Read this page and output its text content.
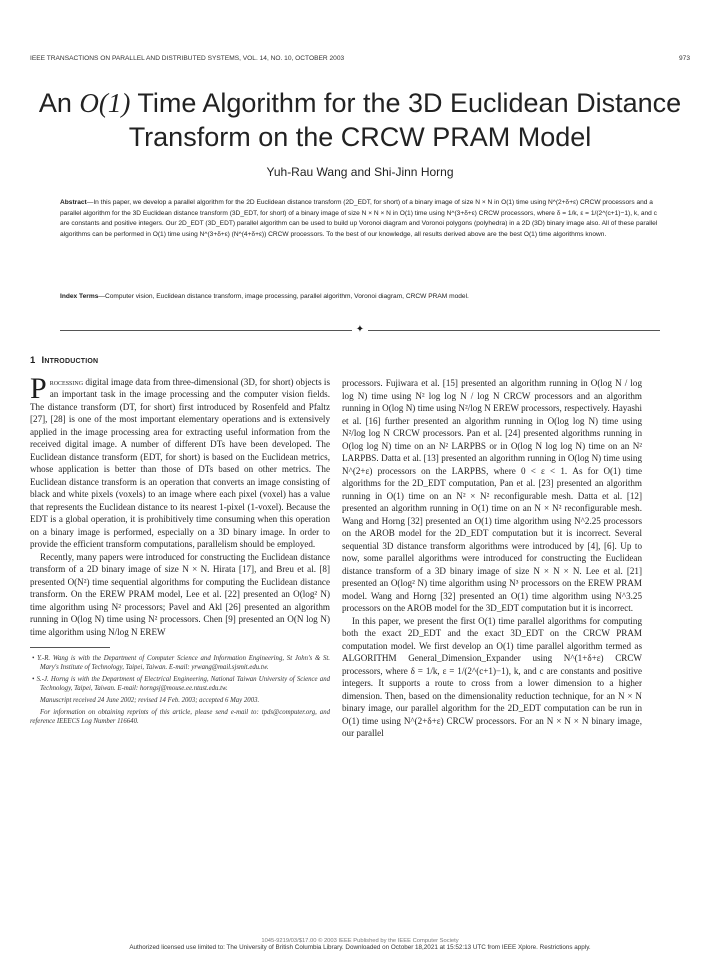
IEEE TRANSACTIONS ON PARALLEL AND DISTRIBUTED SYSTEMS, VOL. 14, NO. 10, OCTOBER 2003	973
An O(1) Time Algorithm for the 3D Euclidean Distance Transform on the CRCW PRAM Model
Yuh-Rau Wang and Shi-Jinn Horng
Abstract—In this paper, we develop a parallel algorithm for the 2D Euclidean distance transform (2D_EDT, for short) of a binary image of size N × N in O(1) time using N^(2+δ+ε) CRCW processors and a parallel algorithm for the 3D Euclidean distance transform (3D_EDT, for short) of a binary image of size N × N × N in O(1) time using N^(3+δ+ε) CRCW processors, where δ = 1/k, ε = 1/(2^(c+1)−1), k, and c are constants and positive integers. Our 2D_EDT (3D_EDT) parallel algorithm can be used to build up Voronoi diagram and Voronoi polygons (polyhedra) in a 2D (3D) binary image also. All of these parallel algorithms can be performed in O(1) time using N^(3+δ+ε) (N^(4+δ+ε)) CRCW processors. To the best of our knowledge, all results derived above are the best O(1) time algorithms known.
Index Terms—Computer vision, Euclidean distance transform, image processing, parallel algorithm, Voronoi diagram, CRCW PRAM model.
✦
1 Introduction

Processing digital image data from three-dimensional (3D, for short) objects is an important task in the image processing and the computer vision fields. The distance transform (DT, for short) first introduced by Rosenfeld and Pfaltz [27], [28] is one of the most important elementary operations and is extensively applied in the image processing area for extracting useful information from the received digital image. A number of different DTs have been developed. The Euclidean distance transform (EDT, for short) is based on the Euclidean metrics, whose application is better than those of DTs based on other metrics. The Euclidean distance transform is an operation that converts an image consisting of black and white pixels (voxels) to an image where each pixel (voxel) has a value that represents the Euclidean distance to its nearest 1-pixel (1-voxel). Because the EDT is a global operation, it is prohibitively time consuming when this operation on a binary image is performed, especially on a 3D binary image. In order to provide the efficient transform computations, parallelism should be employed.

Recently, many papers were introduced for constructing the Euclidean distance transform of a 2D binary image of size N × N. Hirata [17], and Breu et al. [8] presented O(N²) time sequential algorithms for computing the Euclidean distance transform. On the EREW PRAM model, Lee et al. [22] presented an O(log² N) time algorithm using N² processors; Pavel and Akl [26] presented an algorithm running in O(log N) time using N² processors. Chen [9] presented an O(N log N) time algorithm using N/log N EREW

• Y.-R. Wang is with the Department of Computer Science and Information Engineering, St John's & St. Mary's Institute of Technology, Taipei, Taiwan. E-mail: yrwang@mail.sjsmit.edu.tw.

• S.-J. Horng is with the Department of Electrical Engineering, National Taiwan University of Science and Technology, Taipei, Taiwan. E-mail: horngsj@mouse.ee.ntust.edu.tw.

Manuscript received 24 June 2002; revised 14 Feb. 2003; accepted 6 May 2003.

For information on obtaining reprints of this article, please send e-mail to: tpds@computer.org, and reference IEEECS Log Number 116640.

processors. Fujiwara et al. [15] presented an algorithm running in O(log N / log log N) time using N² log log N / log N CRCW processors and an algorithm running in O(log N) time using N²/log N EREW processors, respectively. Hayashi et al. [16] further presented an algorithm running in O(log log N) time using N²/log log N CRCW processors. Pan et al. [24] presented algorithms running in O(log log N) time on an N² LARPBS or in O(log N log log N) time on an N² LARPBS. Datta et al. [13] presented an algorithm running in O(log N) time using N^(2+ε) processors on the LARPBS, where 0 < ε < 1. As for O(1) time algorithms for the 2D_EDT computation, Pan et al. [23] presented an algorithm running in O(1) time on an N² × N² reconfigurable mesh. Datta et al. [12] presented an algorithm running in O(1) time on an N × N² reconfigurable mesh. Wang and Horng [32] presented an O(1) time algorithm using N^2.25 processors on the AROB model for the 2D_EDT computation but it is incorrect. Several sequential 3D distance transform algorithms were introduced by [4], [6]. Up to now, some parallel algorithms were introduced for constructing the Euclidean distance transform of a 3D binary image of size N × N × N. Lee et al. [21] presented an O(log² N) time algorithm using N³ processors on the EREW PRAM model. Wang and Horng [32] presented an O(1) time algorithm using N^3.25 processors on the AROB model for the 3D_EDT computation but it is incorrect.

In this paper, we present the first O(1) time parallel algorithms for computing both the exact 2D_EDT and the exact 3D_EDT on the CRCW PRAM computation model. We first develop an O(1) time parallel algorithm termed as ALGORITHM General_Dimension_Expander using N^(1+δ+ε) CRCW processors, where δ = 1/k, ε = 1/(2^(c+1)−1), k, and c are constants and positive integers. It supports a route to cross from a lower dimension to a higher dimension. Then, based on the dimensionality reduction technique, for an N × N binary image, our parallel algorithm for the 2D_EDT computation can be run in O(1) time using N^(2+δ+ε) CRCW processors. For an N × N × N binary image, our parallel

1045-9219/03/$17.00 © 2003 IEEE Published by the IEEE Computer Society
Authorized licensed use limited to: The University of British Columbia Library. Downloaded on October 18,2021 at 15:52:13 UTC from IEEE Xplore. Restrictions apply.
